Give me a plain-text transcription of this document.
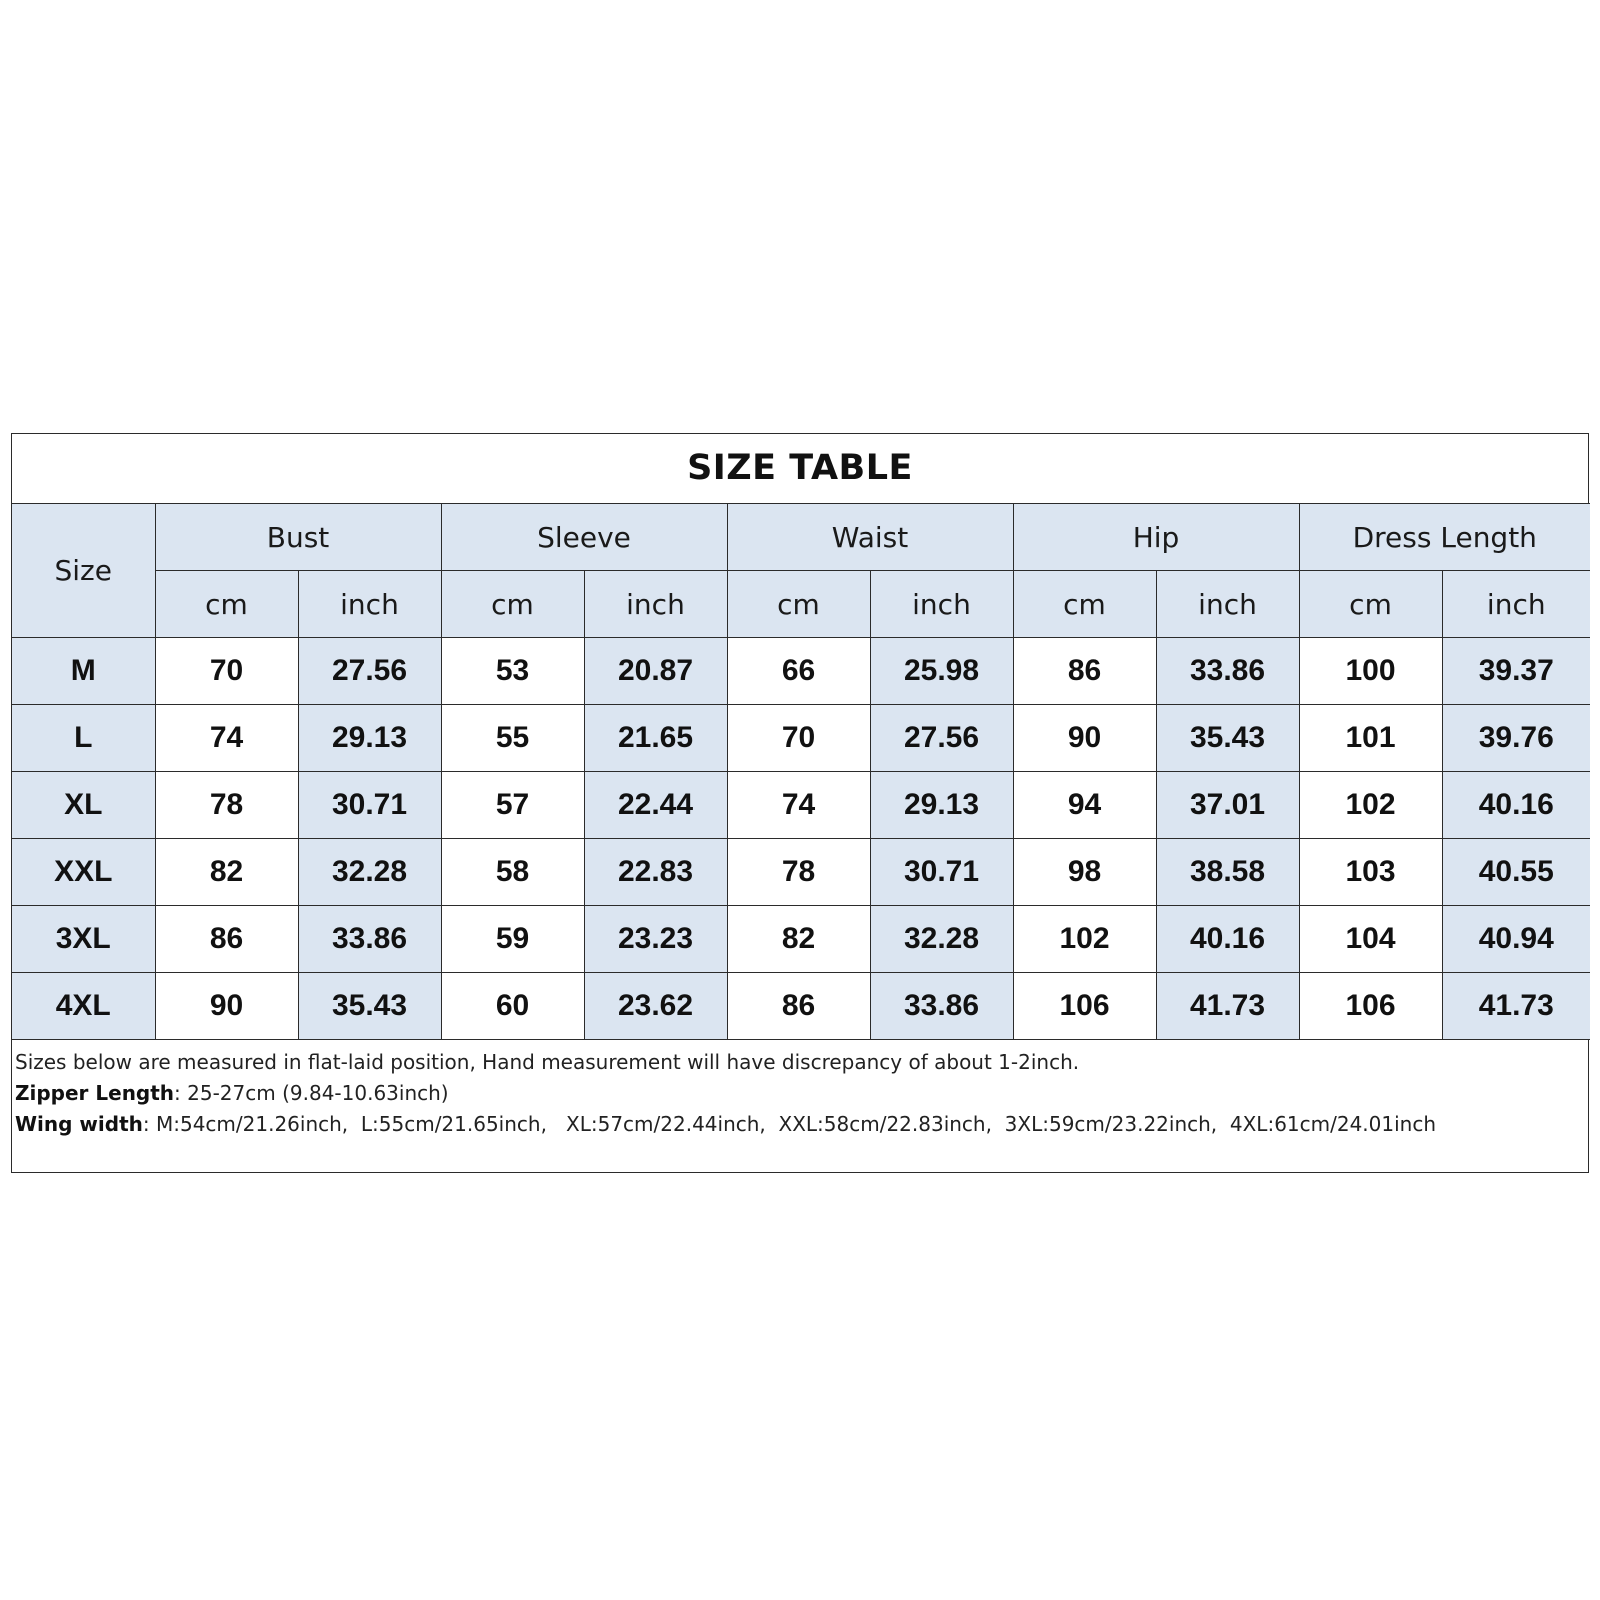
SIZE TABLE
Size	Bust		Sleeve		Waist		Hip		Dress Length	
	cm	inch	cm	inch	cm	inch	cm	inch	cm	inch
M	70	27.56	53	20.87	66	25.98	86	33.86	100	39.37
L	74	29.13	55	21.65	70	27.56	90	35.43	101	39.76
XL	78	30.71	57	22.44	74	29.13	94	37.01	102	40.16
XXL	82	32.28	58	22.83	78	30.71	98	38.58	103	40.55
3XL	86	33.86	59	23.23	82	32.28	102	40.16	104	40.94
4XL	90	35.43	60	23.62	86	33.86	106	41.73	106	41.73
Sizes below are measured in flat-laid position, Hand measurement will have discrepancy of about 1-2inch.
Zipper Length: 25-27cm (9.84-10.63inch)
Wing width: M:54cm/21.26inch,  L:55cm/21.65inch,   XL:57cm/22.44inch,  XXL:58cm/22.83inch,  3XL:59cm/23.22inch,  4XL:61cm/24.01inch
